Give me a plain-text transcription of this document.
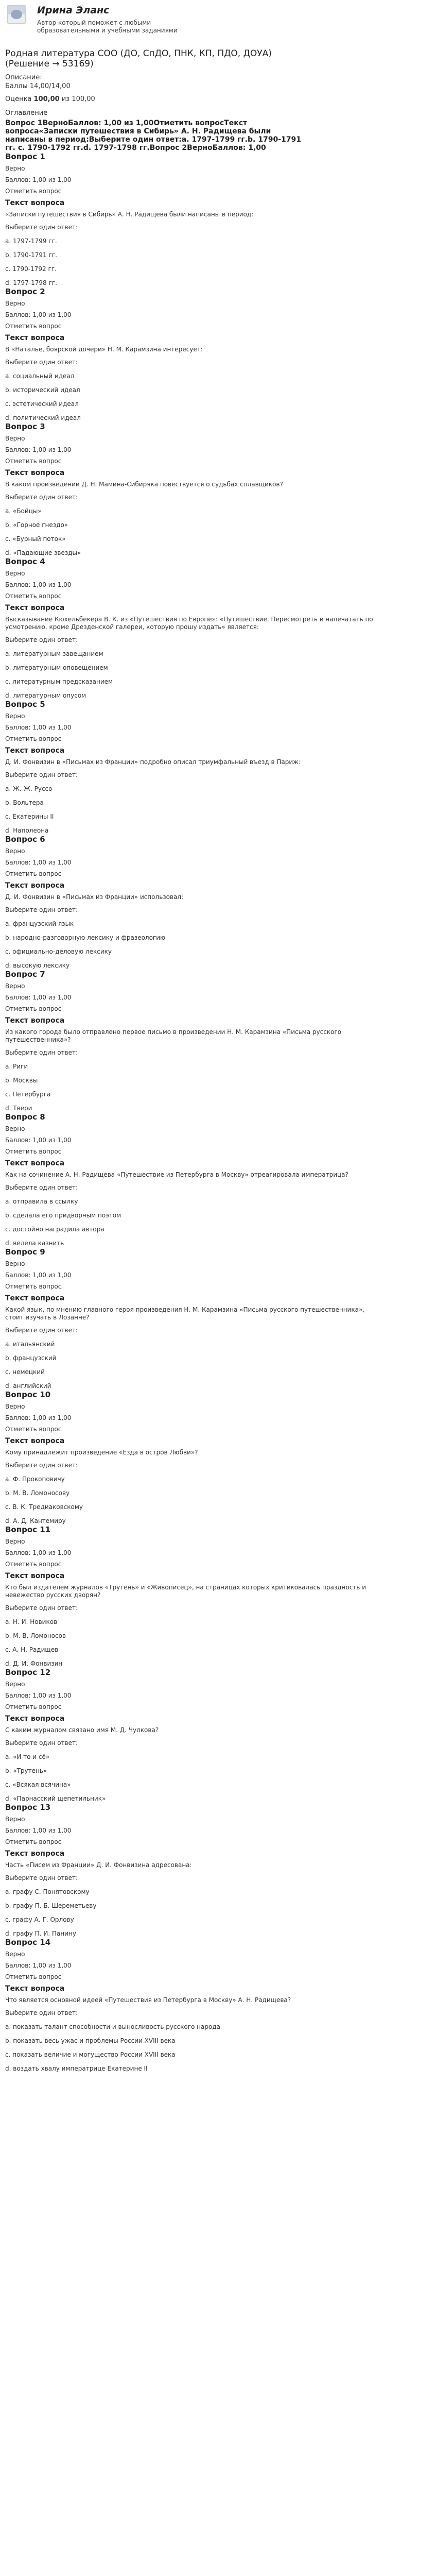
Ирина Эланс
Автор который поможет с любыми образовательными и учебными заданиями
Родная литература СОО (ДО, СпДО, ПНК, КП, ПДО, ДОУА) (Решение → 53169)
Описание:
Баллы 14,00/14,00
Оценка 100,00 из 100,00
Оглавление
Вопрос 1ВерноБаллов: 1,00 из 1,00Отметить вопросТекст вопроса«Записки путешествия в Сибирь» А. Н. Радищева были написаны в период:Выберите один ответ:a. 1797-1799 гг.b. 1790-1791 гг. c. 1790-1792 гг.d. 1797-1798 гг.Вопрос 2ВерноБаллов: 1,00
Вопрос 1
Верно
Баллов: 1,00 из 1,00
Отметить вопрос
Текст вопроса
«Записки путешествия в Сибирь» А. Н. Радищева были написаны в период:
Выберите один ответ:
a. 1797-1799 гг.
b. 1790-1791 гг.
c. 1790-1792 гг.
d. 1797-1798 гг.
Вопрос 2
Верно
Баллов: 1,00 из 1,00
Отметить вопрос
Текст вопроса
В «Наталье, боярской дочери» Н. М. Карамзина интересует:
Выберите один ответ:
a. социальный идеал
b. исторический идеал
c. эстетический идеал
d. политический идеал
Вопрос 3
Верно
Баллов: 1,00 из 1,00
Отметить вопрос
Текст вопроса
В каком произведении Д. Н. Мамина-Сибиряка повествуется о судьбах сплавщиков?
Выберите один ответ:
a. «Бойцы»
b. «Горное гнездо»
c. «Бурный поток»
d. «Падающие звезды»
Вопрос 4
Верно
Баллов: 1,00 из 1,00
Отметить вопрос
Текст вопроса
Высказывание Кюхельбекера В. К. из «Путешествия по Европе»: «Путешествие. Пересмотреть и напечатать по усмотрению, кроме Дрезденской галереи, которую прошу издать» является:
Выберите один ответ:
a. литературным завещанием
b. литературным оповещением
c. литературным предсказанием
d. литературным опусом
Вопрос 5
Верно
Баллов: 1,00 из 1,00
Отметить вопрос
Текст вопроса
Д. И. Фонвизин в «Письмах из Франции» подробно описал триумфальный въезд в Париж:
Выберите один ответ:
a. Ж.-Ж. Руссо
b. Вольтера
c. Екатерины II
d. Наполеона
Вопрос 6
Верно
Баллов: 1,00 из 1,00
Отметить вопрос
Текст вопроса
Д. И. Фонвизин в «Письмах из Франции» использовал:
Выберите один ответ:
a. французский язык
b. народно-разговорную лексику и фразеологию
c. официально-деловую лексику
d. высокую лексику
Вопрос 7
Верно
Баллов: 1,00 из 1,00
Отметить вопрос
Текст вопроса
Из какого города было отправлено первое письмо в произведении Н. М. Карамзина «Письма русского путешественника»?
Выберите один ответ:
a. Риги
b. Москвы
c. Петербурга
d. Твери
Вопрос 8
Верно
Баллов: 1,00 из 1,00
Отметить вопрос
Текст вопроса
Как на сочинение А. Н. Радищева «Путешествие из Петербурга в Москву» отреагировала императрица?
Выберите один ответ:
a. отправила в ссылку
b. сделала его придворным поэтом
c. достойно наградила автора
d. велела казнить
Вопрос 9
Верно
Баллов: 1,00 из 1,00
Отметить вопрос
Текст вопроса
Какой язык, по мнению главного героя произведения Н. М. Карамзина «Письма русского путешественника», стоит изучать в Лозанне?
Выберите один ответ:
a. итальянский
b. французский
c. немецкий
d. английский
Вопрос 10
Верно
Баллов: 1,00 из 1,00
Отметить вопрос
Текст вопроса
Кому принадлежит произведение «Езда в остров Любви»?
Выберите один ответ:
a. Ф. Прокоповичу
b. М. В. Ломоносову
c. В. К. Тредиаковскому
d. А. Д. Кантемиру
Вопрос 11
Верно
Баллов: 1,00 из 1,00
Отметить вопрос
Текст вопроса
Кто был издателем журналов «Трутень» и «Живописец», на страницах которых критиковалась праздность и невежество русских дворян?
Выберите один ответ:
a. Н. И. Новиков
b. М. В. Ломоносов
c. А. Н. Радищев
d. Д. И. Фонвизин
Вопрос 12
Верно
Баллов: 1,00 из 1,00
Отметить вопрос
Текст вопроса
С каким журналом связано имя М. Д. Чулкова?
Выберите один ответ:
a. «И то и сё»
b. «Трутень»
c. «Всякая всячина»
d. «Парнасский щепетильник»
Вопрос 13
Верно
Баллов: 1,00 из 1,00
Отметить вопрос
Текст вопроса
Часть «Писем из Франции» Д. И. Фонвизина адресована:
Выберите один ответ:
a. графу С. Понятовскому
b. графу П. Б. Шереметьеву
c. графу А. Г. Орлову
d. графу П. И. Панину
Вопрос 14
Верно
Баллов: 1,00 из 1,00
Отметить вопрос
Текст вопроса
Что является основной идеей «Путешествия из Петербурга в Москву» А. Н. Радищева?
Выберите один ответ:
a. показать талант способности и выносливость русского народа
b. показать весь ужас и проблемы России XVIII века
c. показать величие и могущество России XVIII века
d. воздать хвалу императрице Екатерине II
